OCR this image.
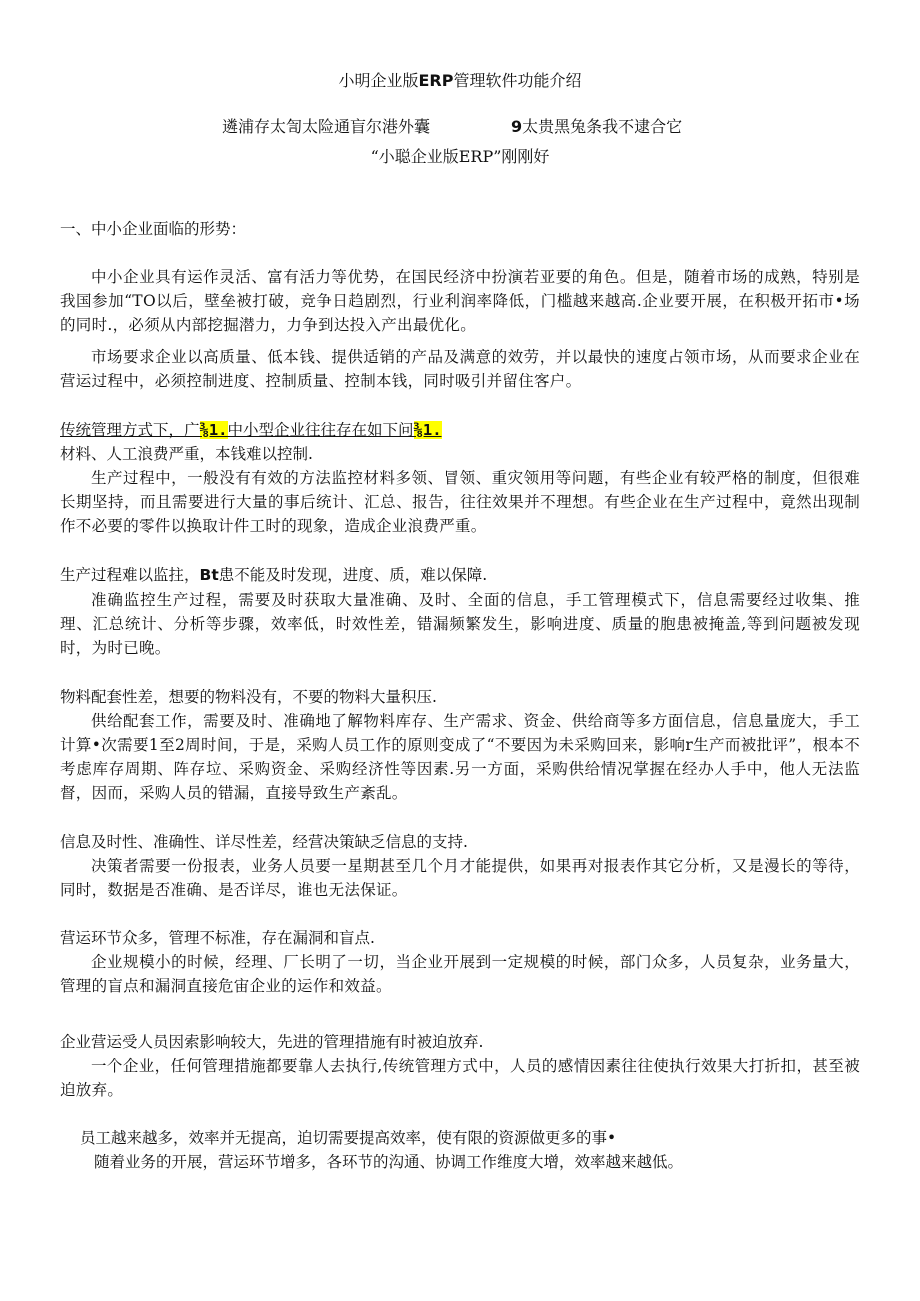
小明企业版ERP管理软件功能介绍
遴浦存太訇太险通盲尔港外囊	9太贵黑兔条我不逮合它
“小聪企业版ERP”刚刚好
一、中小企业面临的形势：
中小企业具有运作灵活、富有活力等优势，在国民经济中扮演若亚要的角色。但是，随着市场的成熟，特别是我国参加“TO以后，壁垒被打破，竞争日趋剧烈，行业利润率降低，门槛越来越高.企业要开展，在积极开拓市•场的同时.，必须从内部挖掘潜力，力争到达投入产出最优化。
市场要求企业以高质量、低本钱、提供适销的产品及满意的效劳，并以最快的速度占领市场，从而要求企业在营运过程中，必须控制进度、控制质量、控制本钱，同时吸引并留住客户。
传统管理方式下，广⅜1.中小型企业往往存在如下问⅜1.
材料、人工浪费严重，本钱难以控制.
生产过程中，一般没有有效的方法监控材料多领、冒领、重灾领用等问题，有些企业有较严格的制度，但很难长期坚持，而且需要进行大量的事后统计、汇总、报告，往往效果并不理想。有些企业在生产过程中，竟然出现制作不必要的零件以换取计件工时的现象，造成企业浪费严重。
生产过程难以监拄，Bt患不能及时发现，进度、质，难以保障.
准确监控生产过程，需要及时获取大量准确、及时、全面的信息，手工管理模式下，信息需要经过收集、推理、汇总统计、分析等步骤，效率低，时效性差，错漏频繁发生，影响进度、质量的胞患被掩盖,等到问题被发现时，为时已晚。
物料配套性差，想要的物料没有，不要的物料大量积压.
供给配套工作，需要及时、准确地了解物料库存、生产需求、资金、供给商等多方面信息，信息量庞大，手工计算•次需要1至2周时间，于是，采购人员工作的原则变成了“不要因为未采购回来，影响r生产而被批评”，根本不考虑库存周期、阵存垃、采购资金、采购经济性等因素.另一方面，采购供给情况掌握在经办人手中，他人无法监督，因而，采购人员的错漏，直接导致生产紊乱。
信息及时性、准确性、详尽性差，经营决策缺乏信息的支持.
决策者需要一份报表，业务人员要一星期甚至几个月才能提供，如果再对报表作其它分析，又是漫长的等待，同时，数据是否准确、是否详尽，谁也无法保证。
营运环节众多，管理不标准，存在漏洞和盲点.
企业规模小的时候，经理、厂长明了一切，当企业开展到一定规模的时候，部门众多，人员复杂，业务量大，管理的盲点和漏洞直接危宙企业的运作和效益。
企业营运受人员因索影响较大，先进的管理措施有时被迫放弃.
一个企业，任何管理措施都要靠人去执行,传统管理方式中，人员的感情因素往往使执行效果大打折扣，甚至被迫放弃。
员工越来越多，效率并无提高，迫切需要提高效率，使有限的资源做更多的事•
随着业务的开展，营运环节增多，各环节的沟通、协调工作维度大增，效率越来越低。
